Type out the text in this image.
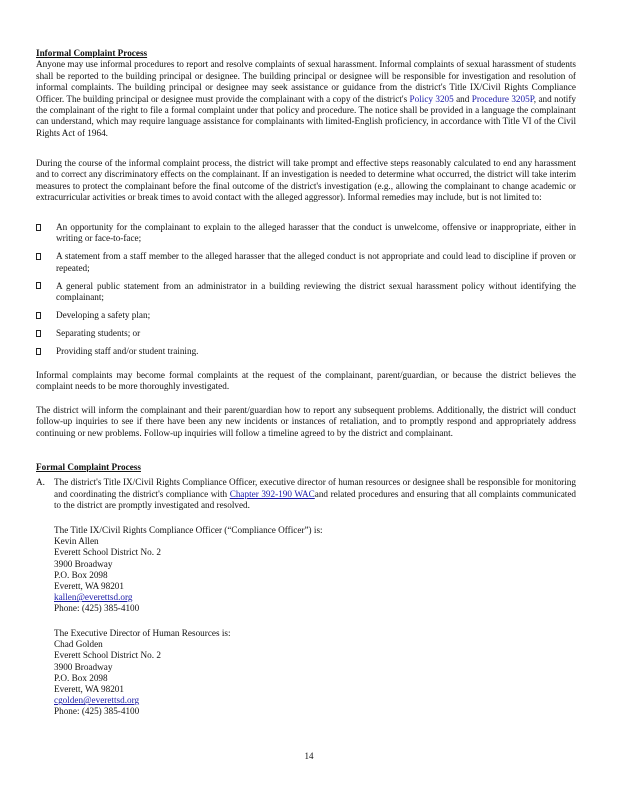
Informal Complaint Process

Anyone may use informal procedures to report and resolve complaints of sexual harassment. Informal complaints of sexual harassment of students shall be reported to the building principal or designee. The building principal or designee will be responsible for investigation and resolution of informal complaints. The building principal or designee may seek assistance or guidance from the district's Title IX/Civil Rights Compliance Officer. The building principal or designee must provide the complainant with a copy of the district's Policy 3205 and Procedure 3205P, and notify the complainant of the right to file a formal complaint under that policy and procedure. The notice shall be provided in a language the complainant can understand, which may require language assistance for complainants with limited-English proficiency, in accordance with Title VI of the Civil Rights Act of 1964.

During the course of the informal complaint process, the district will take prompt and effective steps reasonably calculated to end any harassment and to correct any discriminatory effects on the complainant. If an investigation is needed to determine what occurred, the district will take interim measures to protect the complainant before the final outcome of the district's investigation (e.g., allowing the complainant to change academic or extracurricular activities or break times to avoid contact with the alleged aggressor). Informal remedies may include, but is not limited to:

An opportunity for the complainant to explain to the alleged harasser that the conduct is unwelcome, offensive or inappropriate, either in writing or face-to-face;
A statement from a staff member to the alleged harasser that the alleged conduct is not appropriate and could lead to discipline if proven or repeated;
A general public statement from an administrator in a building reviewing the district sexual harassment policy without identifying the complainant;
Developing a safety plan;
Separating students; or
Providing staff and/or student training.

Informal complaints may become formal complaints at the request of the complainant, parent/guardian, or because the district believes the complaint needs to be more thoroughly investigated.

The district will inform the complainant and their parent/guardian how to report any subsequent problems. Additionally, the district will conduct follow-up inquiries to see if there have been any new incidents or instances of retaliation, and to promptly respond and appropriately address continuing or new problems. Follow-up inquiries will follow a timeline agreed to by the district and complainant.

Formal Complaint Process
A. The district's Title IX/Civil Rights Compliance Officer, executive director of human resources or designee shall be responsible for monitoring and coordinating the district's compliance with Chapter 392-190 WACand related procedures and ensuring that all complaints communicated to the district are promptly investigated and resolved.

The Title IX/Civil Rights Compliance Officer (“Compliance Officer”) is:
Kevin Allen
Everett School District No. 2
3900 Broadway
P.O. Box 2098
Everett, WA 98201
kallen@everettsd.org
Phone: (425) 385-4100
The Executive Director of Human Resources is:
Chad Golden
Everett School District No. 2
3900 Broadway
P.O. Box 2098
Everett, WA 98201
cgolden@everettsd.org
Phone: (425) 385-4100
14
